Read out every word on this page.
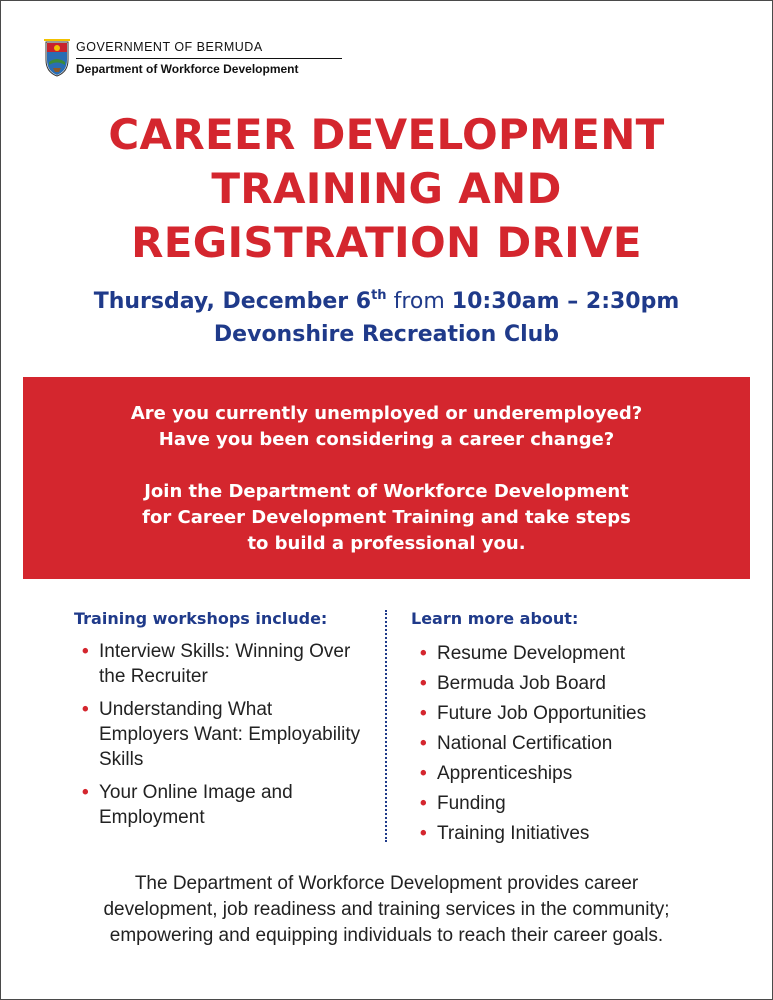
GOVERNMENT OF BERMUDA
Department of Workforce Development
CAREER DEVELOPMENT
TRAINING AND
REGISTRATION DRIVE
Thursday, December 6th from 10:30am – 2:30pm
Devonshire Recreation Club
Are you currently unemployed or underemployed?
Have you been considering a career change?
Join the Department of Workforce Development
for Career Development Training and take steps
to build a professional you.
Training workshops include:
• Interview Skills: Winning Over the Recruiter
• Understanding What Employers Want: Employability Skills
• Your Online Image and Employment
Learn more about:
• Resume Development
• Bermuda Job Board
• Future Job Opportunities
• National Certification
• Apprenticeships
• Funding
• Training Initiatives
The Department of Workforce Development provides career
development, job readiness and training services in the community;
empowering and equipping individuals to reach their career goals.
